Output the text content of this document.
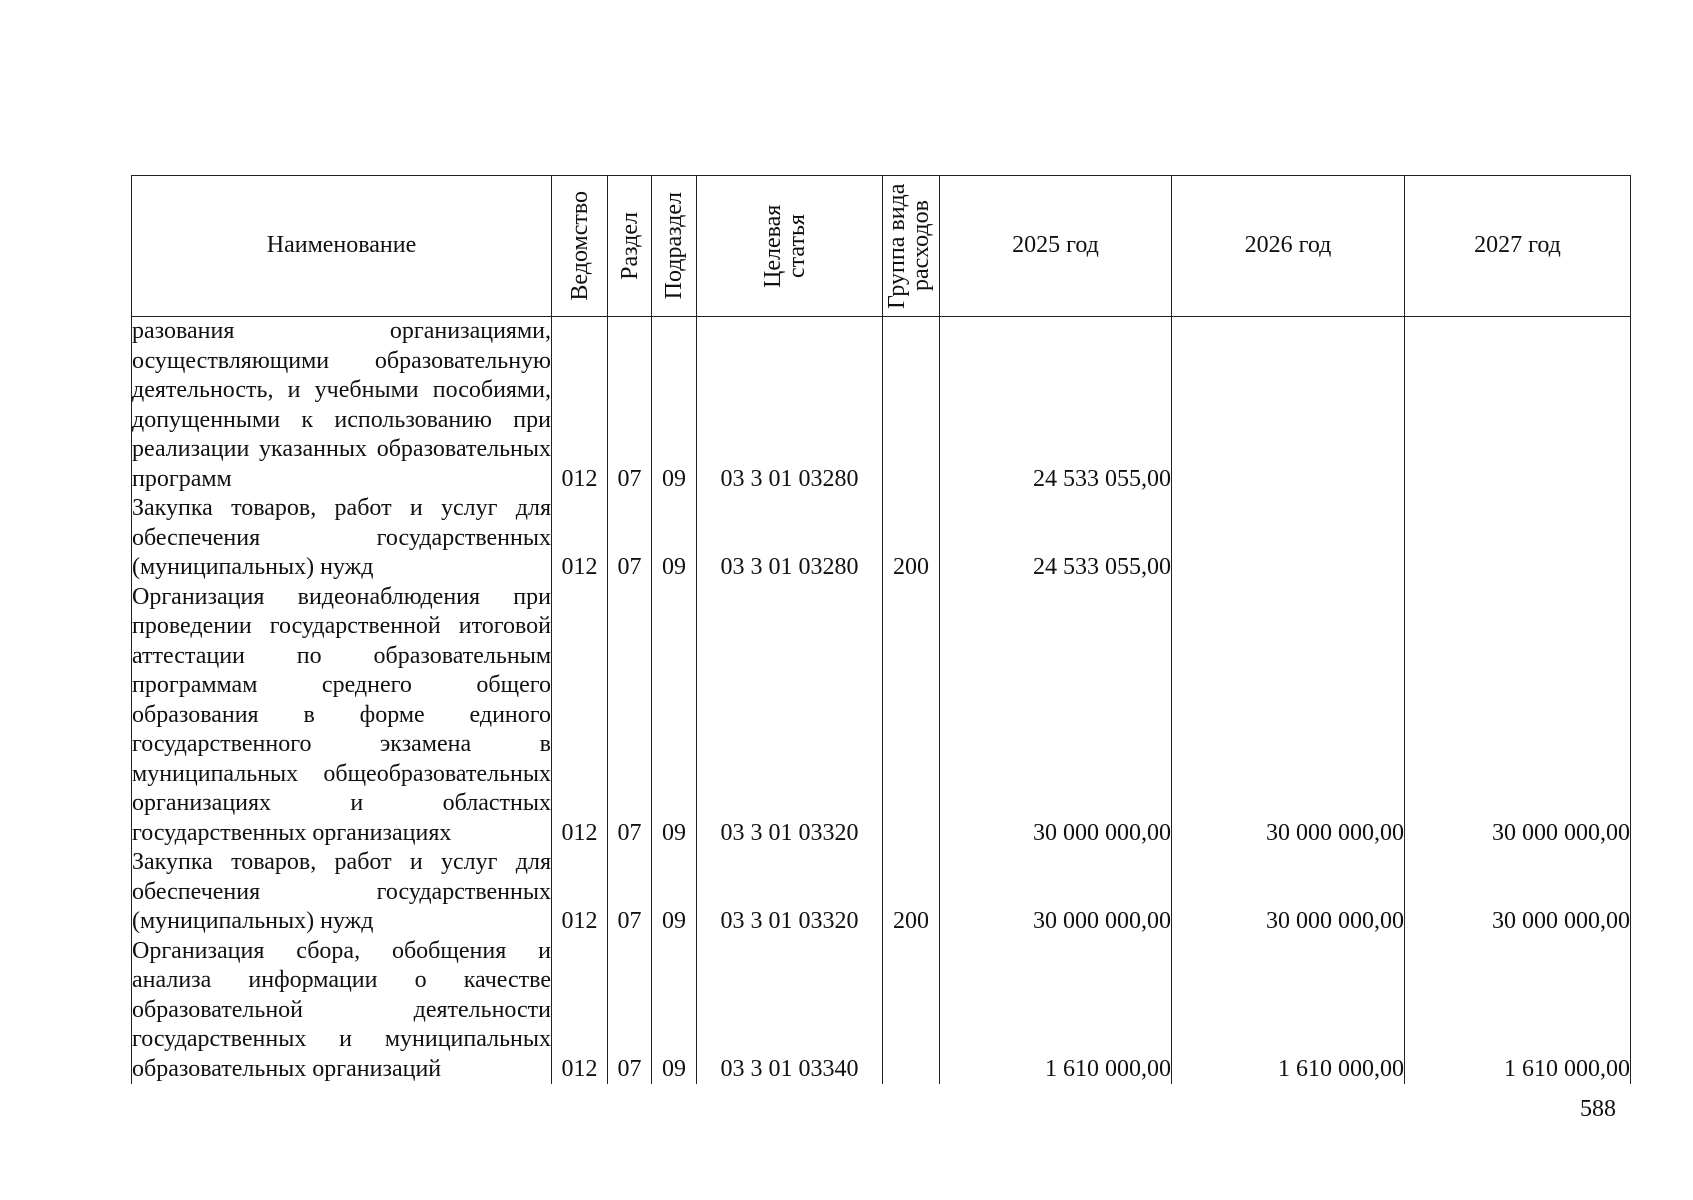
Наименование	Ведомство	Раздел	Подраздел	Целевая статья	Группа вида расходов	2025 год	2026 год	2027 год
разования организациями, осуществляющими образовательную деятельность, и учебными пособиями, допущенными к использованию при реализации указанных образовательных программ	012	07	09	03 3 01 03280		24 533 055,00		
Закупка товаров, работ и услуг для обеспечения государственных (муниципальных) нужд	012	07	09	03 3 01 03280	200	24 533 055,00		
Организация видеонаблюдения при проведении государственной итоговой аттестации по образовательным программам среднего общего образования в форме единого государственного экзамена в муниципальных общеобразовательных организациях и областных государственных организациях	012	07	09	03 3 01 03320		30 000 000,00	30 000 000,00	30 000 000,00
Закупка товаров, работ и услуг для обеспечения государственных (муниципальных) нужд	012	07	09	03 3 01 03320	200	30 000 000,00	30 000 000,00	30 000 000,00
Организация сбора, обобщения и анализа информации о качестве образовательной деятельности государственных и муниципальных образовательных организаций	012	07	09	03 3 01 03340		1 610 000,00	1 610 000,00	1 610 000,00
588
